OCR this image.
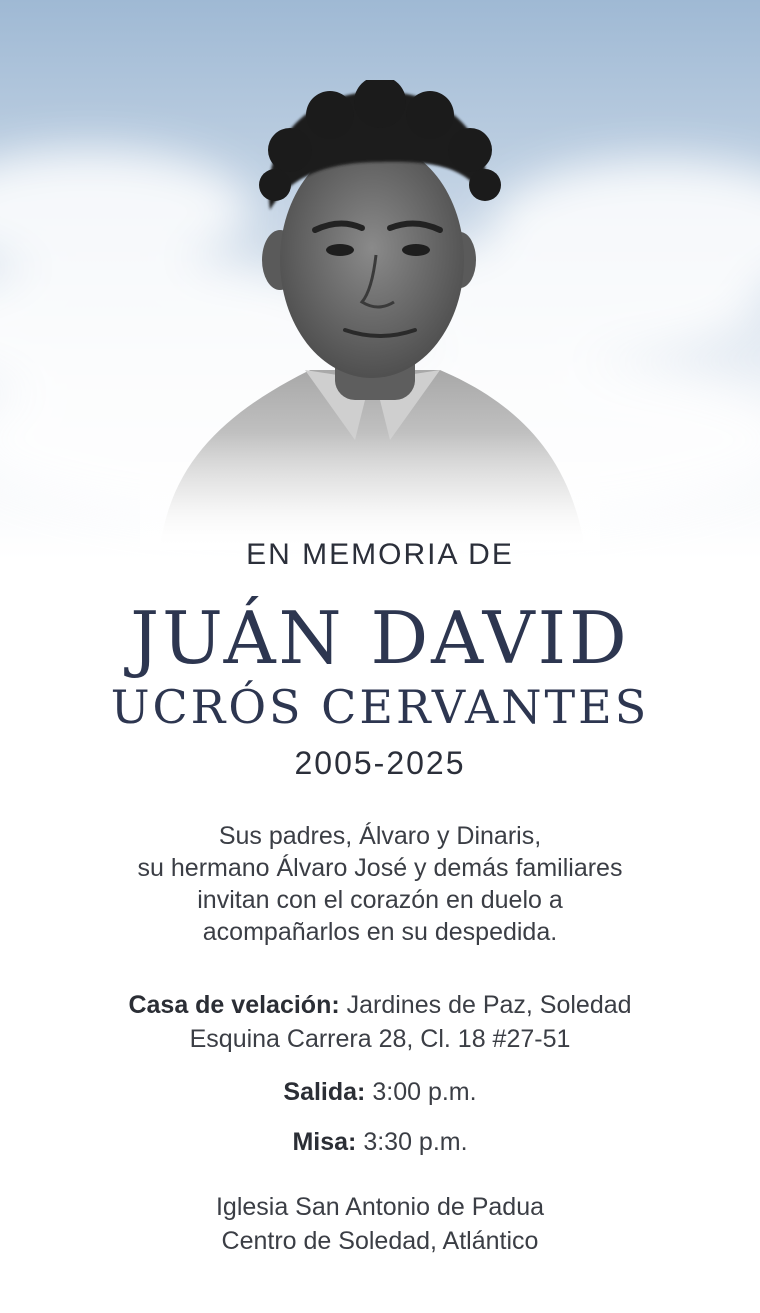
EN MEMORIA DE
JUÁN DAVID
UCRÓS CERVANTES
2005-2025
Sus padres, Álvaro y Dinaris,
su hermano Álvaro José y demás familiares
invitan con el corazón en duelo a
acompañarlos en su despedida.
Casa de velación: Jardines de Paz, Soledad
Esquina Carrera 28, Cl. 18 #27-51
Salida: 3:00 p.m.
Misa: 3:30 p.m.
Iglesia San Antonio de Padua
Centro de Soledad, Atlántico
